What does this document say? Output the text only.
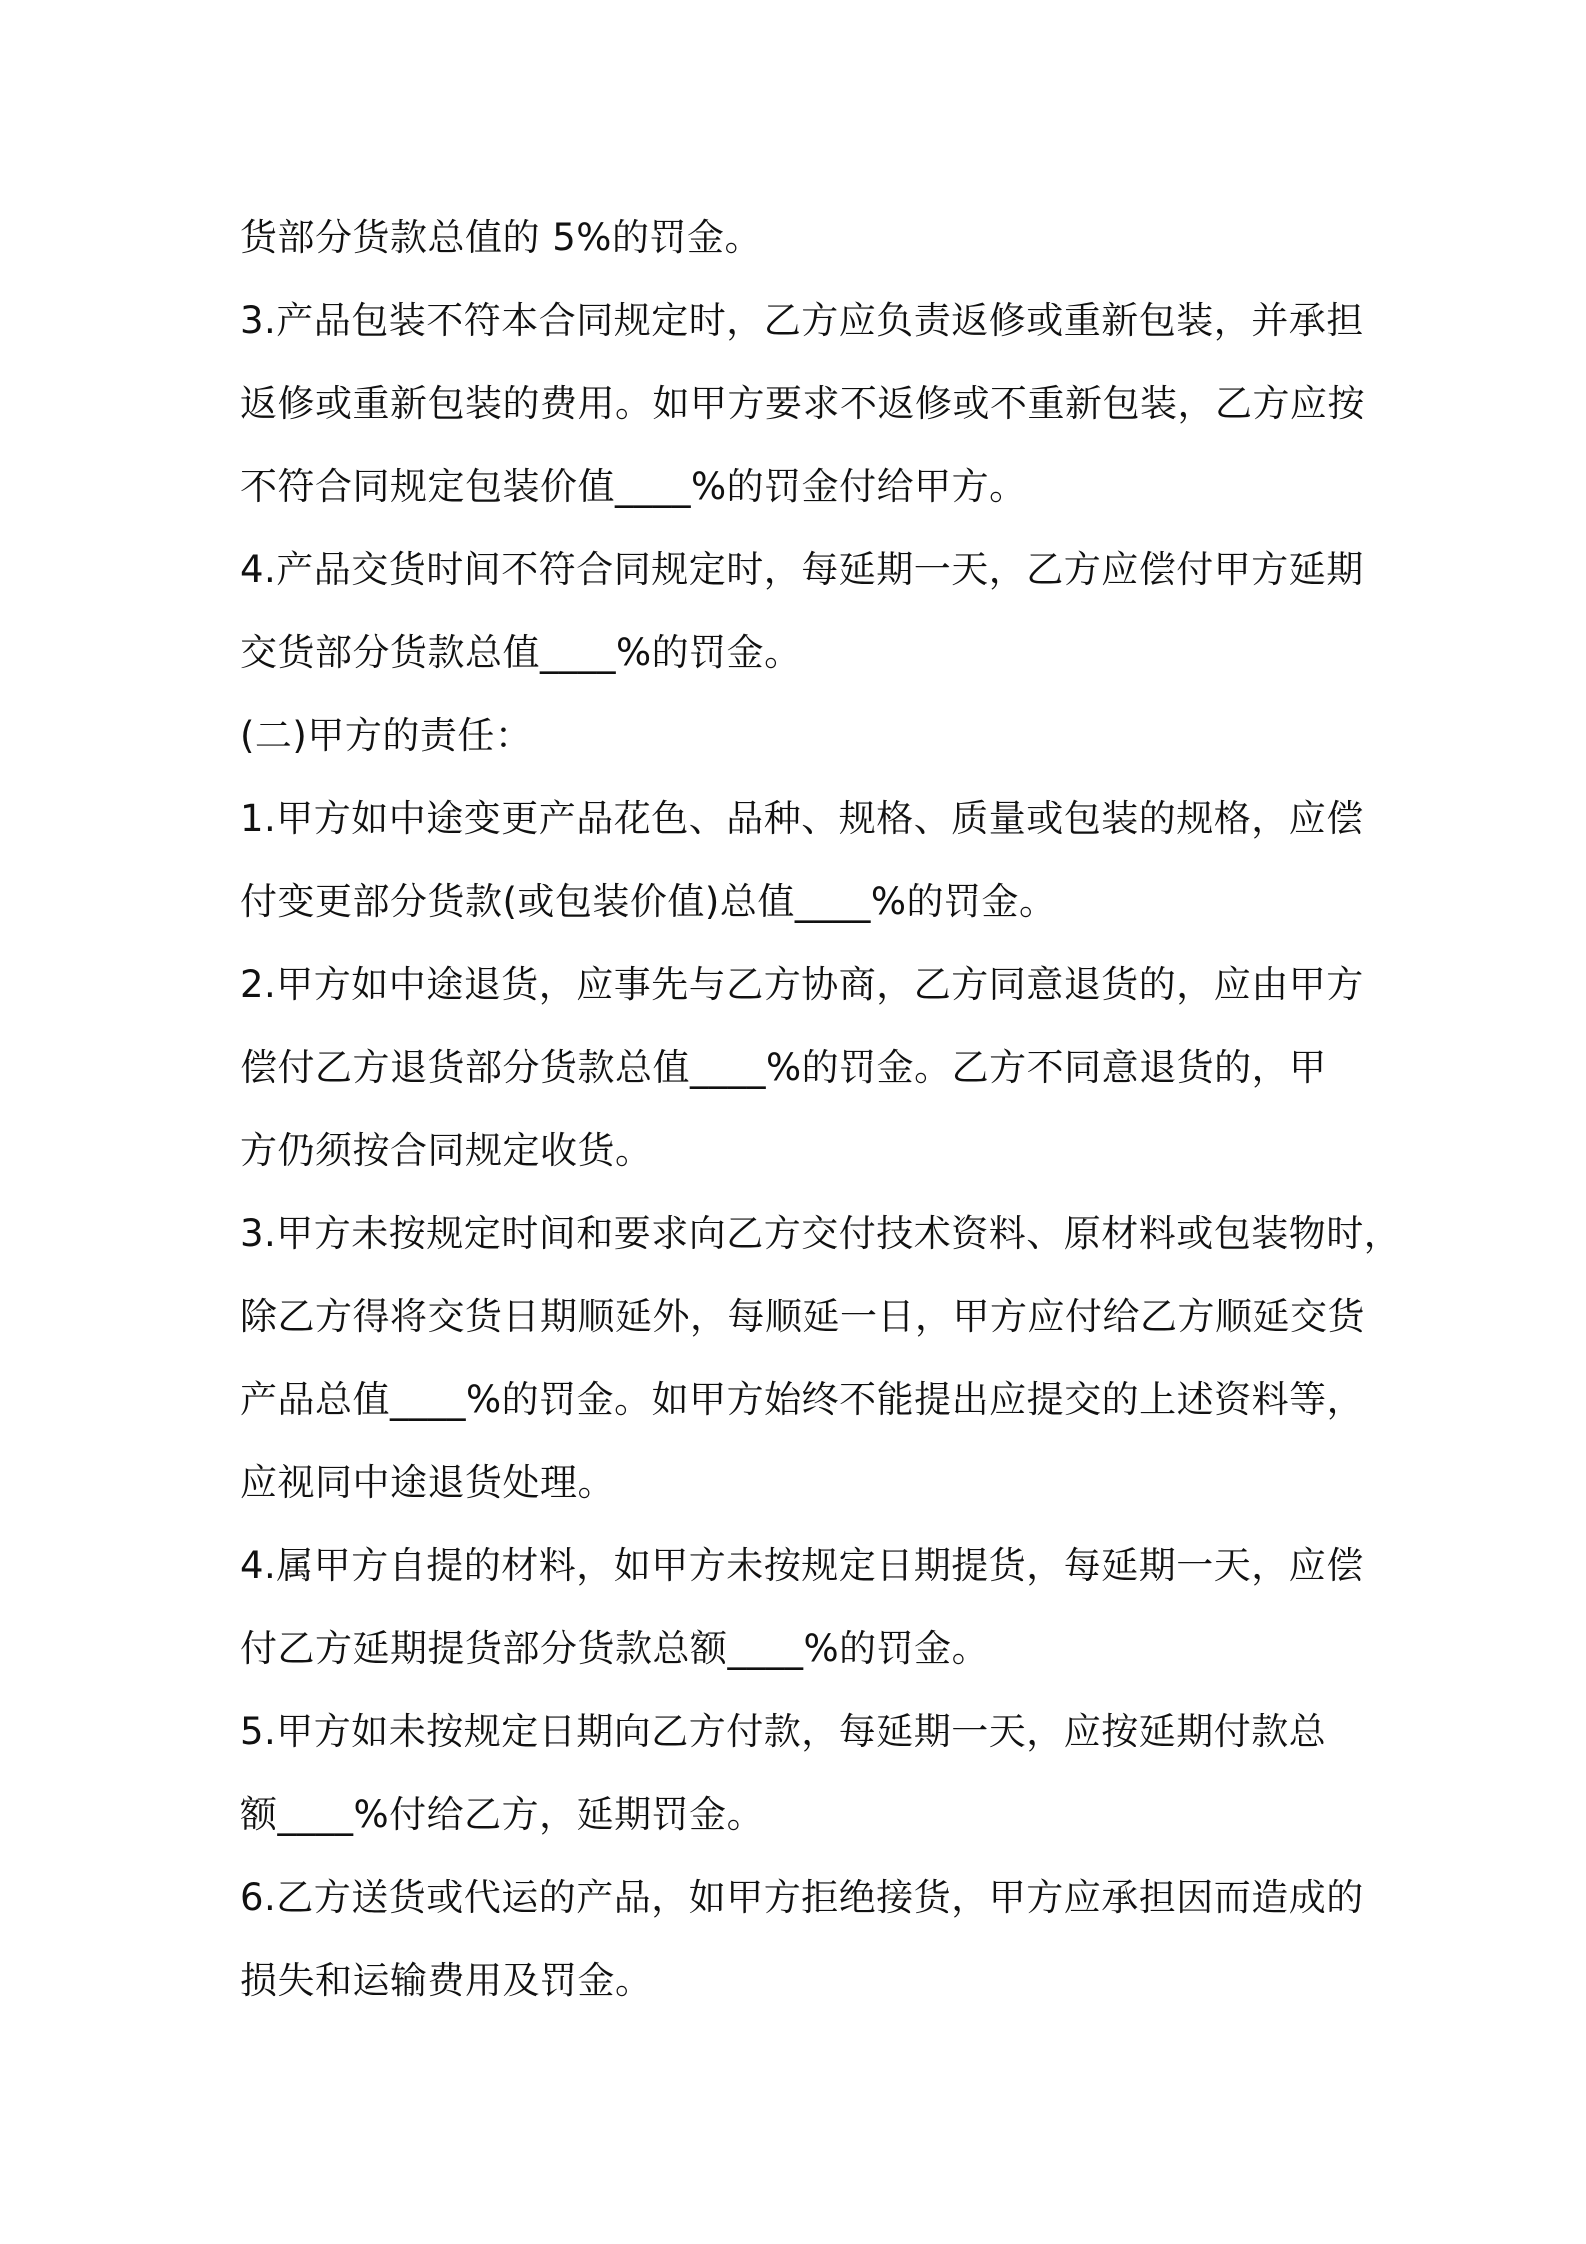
货部分货款总值的 5%的罚金。
3.产品包装不符本合同规定时，乙方应负责返修或重新包装，并承担
返修或重新包装的费用。如甲方要求不返修或不重新包装，乙方应按
不符合同规定包装价值____%的罚金付给甲方。
4.产品交货时间不符合同规定时，每延期一天，乙方应偿付甲方延期
交货部分货款总值____%的罚金。
(二)甲方的责任：
1.甲方如中途变更产品花色、品种、规格、质量或包装的规格，应偿
付变更部分货款(或包装价值)总值____%的罚金。
2.甲方如中途退货，应事先与乙方协商，乙方同意退货的，应由甲方
偿付乙方退货部分货款总值____%的罚金。乙方不同意退货的，甲
方仍须按合同规定收货。
3.甲方未按规定时间和要求向乙方交付技术资料、原材料或包装物时，
除乙方得将交货日期顺延外，每顺延一日，甲方应付给乙方顺延交货
产品总值____%的罚金。如甲方始终不能提出应提交的上述资料等，
应视同中途退货处理。
4.属甲方自提的材料，如甲方未按规定日期提货，每延期一天，应偿
付乙方延期提货部分货款总额____%的罚金。
5.甲方如未按规定日期向乙方付款，每延期一天，应按延期付款总
额____%付给乙方，延期罚金。
6.乙方送货或代运的产品，如甲方拒绝接货，甲方应承担因而造成的
损失和运输费用及罚金。
